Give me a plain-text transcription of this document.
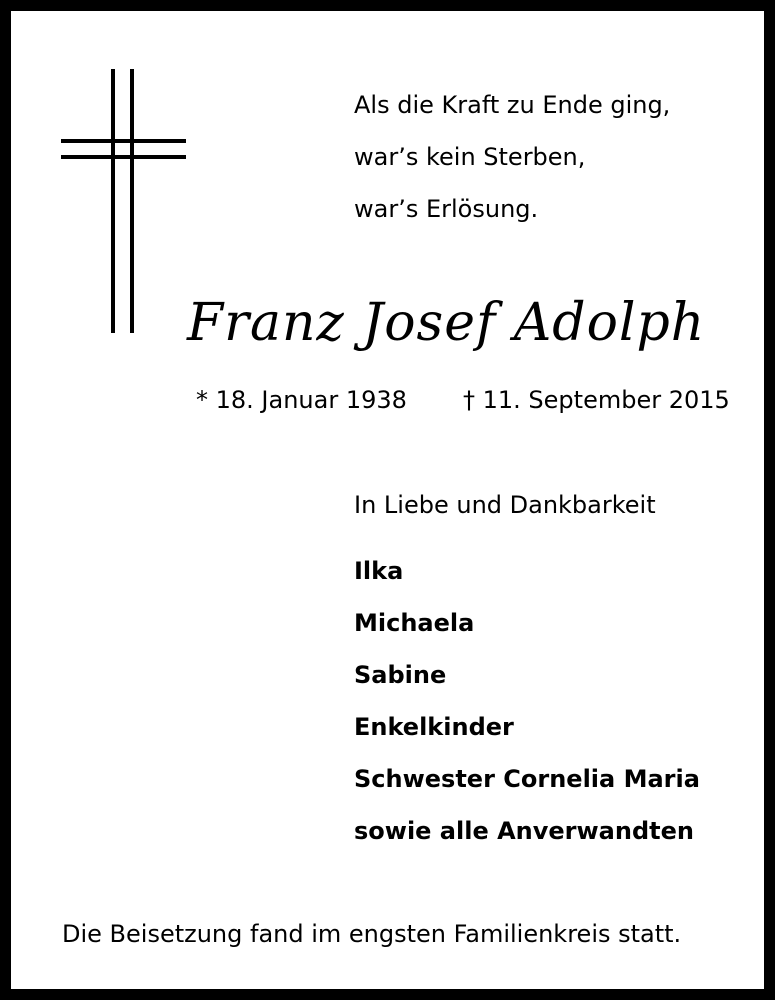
Als die Kraft zu Ende ging,
war’s kein Sterben,
war’s Erlösung.
Franz Josef Adolph
* 18. Januar 1938 † 11. September 2015
In Liebe und Dankbarkeit
Ilka
Michaela
Sabine
Enkelkinder
Schwester Cornelia Maria
sowie alle Anverwandten
Die Beisetzung fand im engsten Familienkreis statt.
